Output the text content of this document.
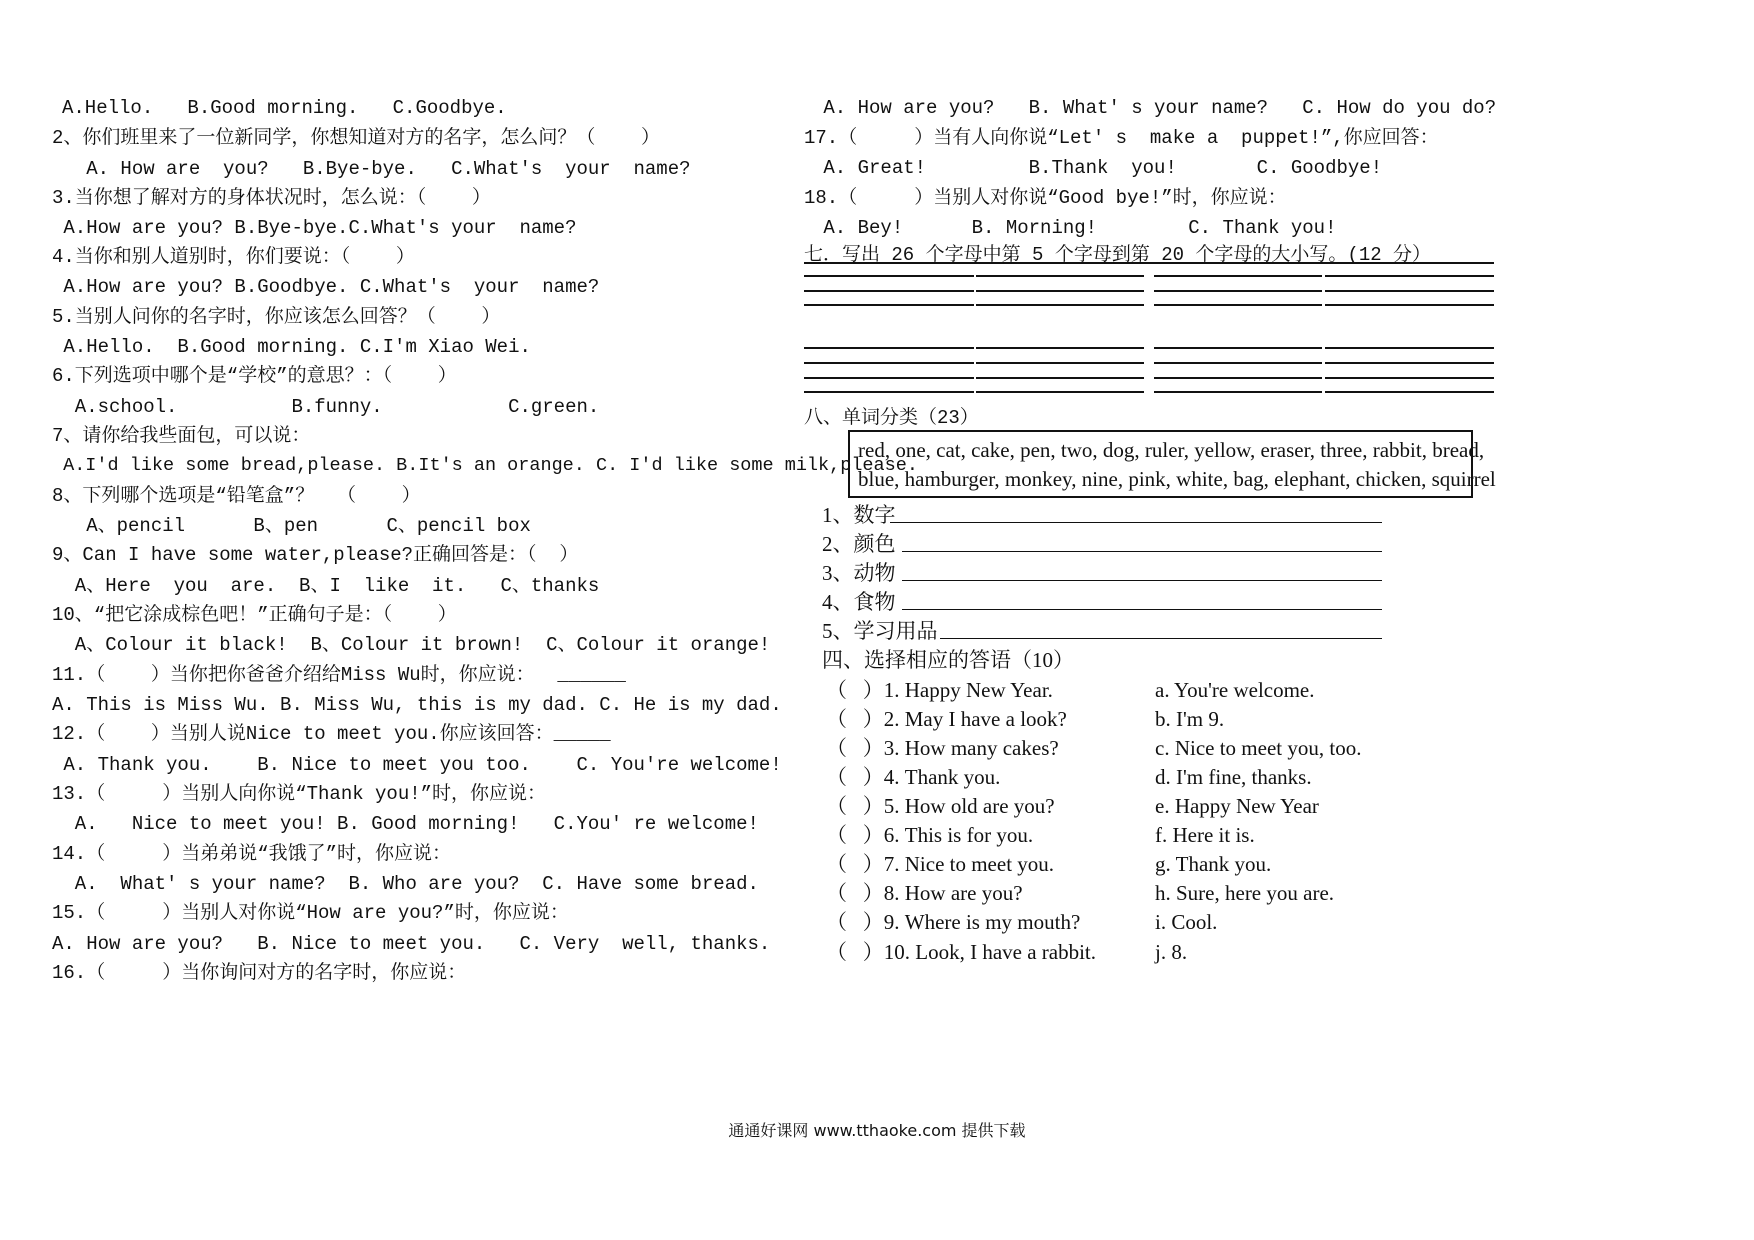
A.Hello.   B.Good morning.   C.Goodbye.
2、你们班里来了一位新同学，你想知道对方的名字，怎么问？（    ）
A. How are  you?   B.Bye-bye.   C.What's  your  name?
3.当你想了解对方的身体状况时，怎么说：（    ）
A.How are you? B.Bye-bye.C.What's your  name?
4.当你和别人道别时，你们要说：（    ）
A.How are you? B.Goodbye. C.What's  your  name?
5.当别人问你的名字时，你应该怎么回答？（    ）
A.Hello.  B.Good morning. C.I'm Xiao Wei.
6.下列选项中哪个是“学校”的意思？：（    ）
A.school.          B.funny.           C.green.
7、请你给我些面包，可以说：
A.I'd like some bread,please. B.It's an orange. C. I'd like some milk,please.
8、下列哪个选项是“铅笔盒”？  （    ）
A、pencil      B、pen      C、pencil box
9、Can I have some water,please?正确回答是：（  ）
A、Here  you  are.  B、I  like  it.   C、thanks
10、“把它涂成棕色吧！”正确句子是：（    ）
A、Colour it black!  B、Colour it brown!  C、Colour it orange!
11.（    ）当你把你爸爸介绍给Miss Wu时，你应说：  ______
A. This is Miss Wu. B. Miss Wu, this is my dad. C. He is my dad.
12.（    ）当别人说Nice to meet you.你应该回答：_____
A. Thank you.    B. Nice to meet you too.    C. You're welcome!
13.（     ）当别人向你说“Thank you!”时，你应说：
A.   Nice to meet you! B. Good morning!   C.You' re welcome!
14.（     ）当弟弟说“我饿了”时，你应说：
A.  What' s your name?  B. Who are you?  C. Have some bread.
15.（     ）当别人对你说“How are you?”时，你应说：
A. How are you?   B. Nice to meet you.   C. Very  well, thanks.
16.（     ）当你询问对方的名字时，你应说：
A. How are you?   B. What' s your name?   C. How do you do?
17.（     ）当有人向你说“Let' s  make a  puppet!”,你应回答：
A. Great!         B.Thank  you!       C. Goodbye!
18.（     ）当别人对你说“Good bye!”时，你应说：
A. Bey!      B. Morning!        C. Thank you!
七．写出 26 个字母中第 5 个字母到第 20 个字母的大小写。(12 分）
八、单词分类（23）
red, one, cat, cake, pen, two, dog, ruler, yellow, eraser, three, rabbit, bread,
blue, hamburger, monkey, nine, pink, white, bag, elephant, chicken, squirrel
1、数字
2、颜色
3、动物
4、食物
5、学习用品
四、选择相应的答语（10）
（   ）1. Happy New Year.	a. You're welcome.
（   ）2. May I have a look?	b. I'm 9.
（   ）3. How many cakes?	c. Nice to meet you, too.
（   ）4. Thank you.	d. I'm fine, thanks.
（   ）5. How old are you?	e. Happy New Year
（   ）6. This is for you.	f. Here it is.
（   ）7. Nice to meet you.	g. Thank you.
（   ）8. How are you?	h. Sure, here you are.
（   ）9. Where is my mouth?	i. Cool.
（   ）10. Look, I have a rabbit.	j. 8.
通通好课网 www.tthaoke.com 提供下载
